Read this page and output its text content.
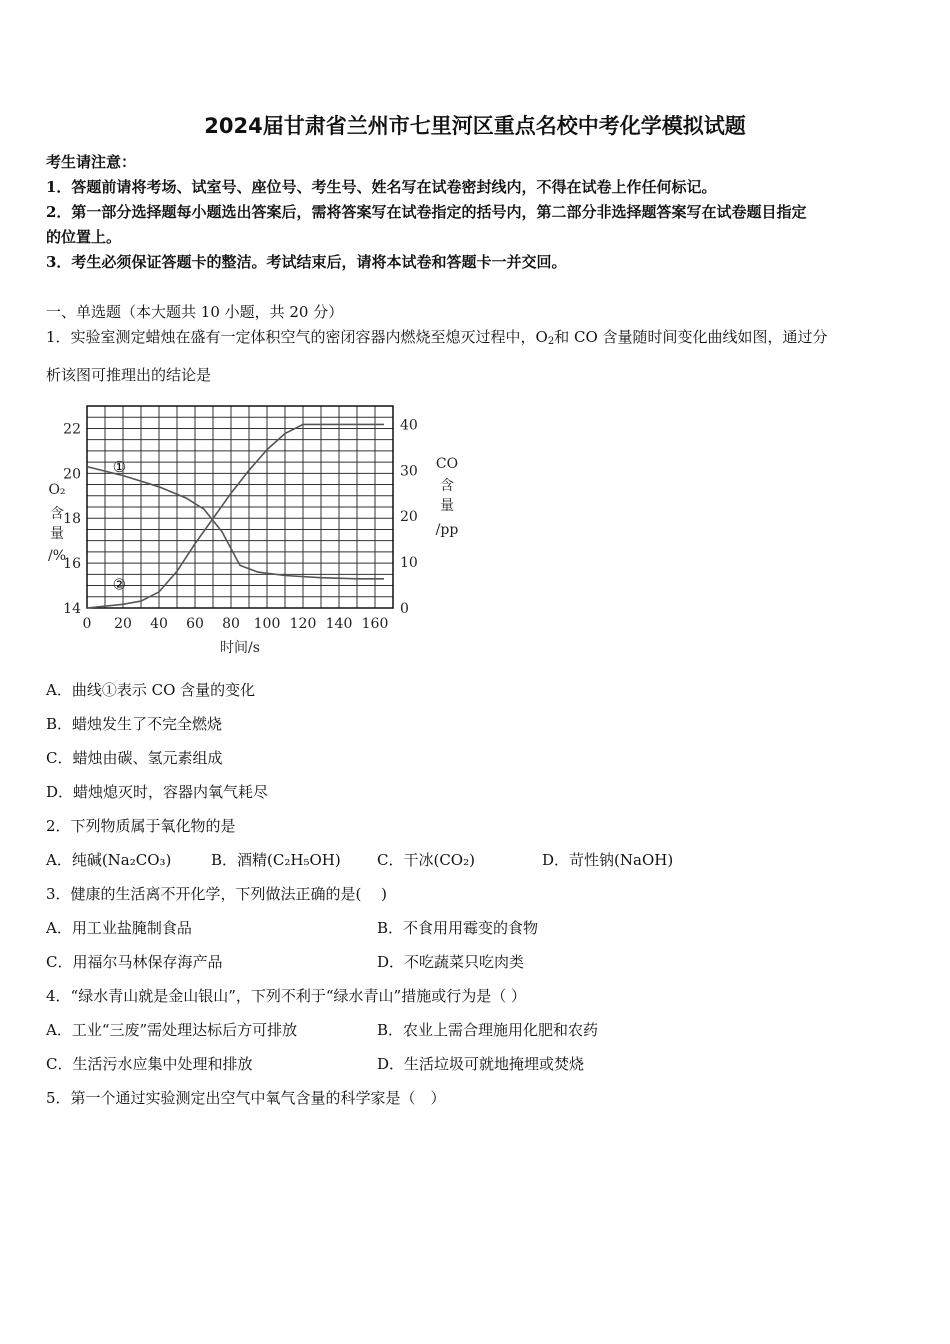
2024届甘肃省兰州市七里河区重点名校中考化学模拟试题
考生请注意：
1．答题前请将考场、试室号、座位号、考生号、姓名写在试卷密封线内，不得在试卷上作任何标记。
2．第一部分选择题每小题选出答案后，需将答案写在试卷指定的括号内，第二部分非选择题答案写在试卷题目指定
的位置上。
3．考生必须保证答题卡的整洁。考试结束后，请将本试卷和答题卡一并交回。
一、单选题（本大题共 10 小题，共 20 分）
1．实验室测定蜡烛在盛有一定体积空气的密闭容器内燃烧至熄灭过程中，$O_2$和 CO 含量随时间变化曲线如图，通过分
析该图可推理出的结论是
0 20 40 60 80 100 120 140 160
14
16
18
20
22
0
10
20
30
40
时间/s
O₂
含
量
/%
CO
含
量
/pp
①
②
A．曲线①表示 CO 含量的变化
B．蜡烛发生了不完全燃烧
C．蜡烛由碳、氢元素组成
D．蜡烛熄灭时，容器内氧气耗尽
2．下列物质属于氧化物的是
A．纯碱(Na₂CO₃)	B．酒精(C₂H₅OH) C．干冰(CO₂)	D．苛性钠(NaOH)
3．健康的生活离不开化学，下列做法正确的是(　 )
A．用工业盐腌制食品	B．不食用用霉变的食物
C．用福尔马林保存海产品	D．不吃蔬菜只吃肉类
4．“绿水青山就是金山银山”，下列不利于“绿水青山”措施或行为是（ ）
A．工业“三废”需处理达标后方可排放	B．农业上需合理施用化肥和农药
C．生活污水应集中处理和排放	D．生活垃圾可就地掩埋或焚烧
5．第一个通过实验测定出空气中氧气含量的科学家是（　）
